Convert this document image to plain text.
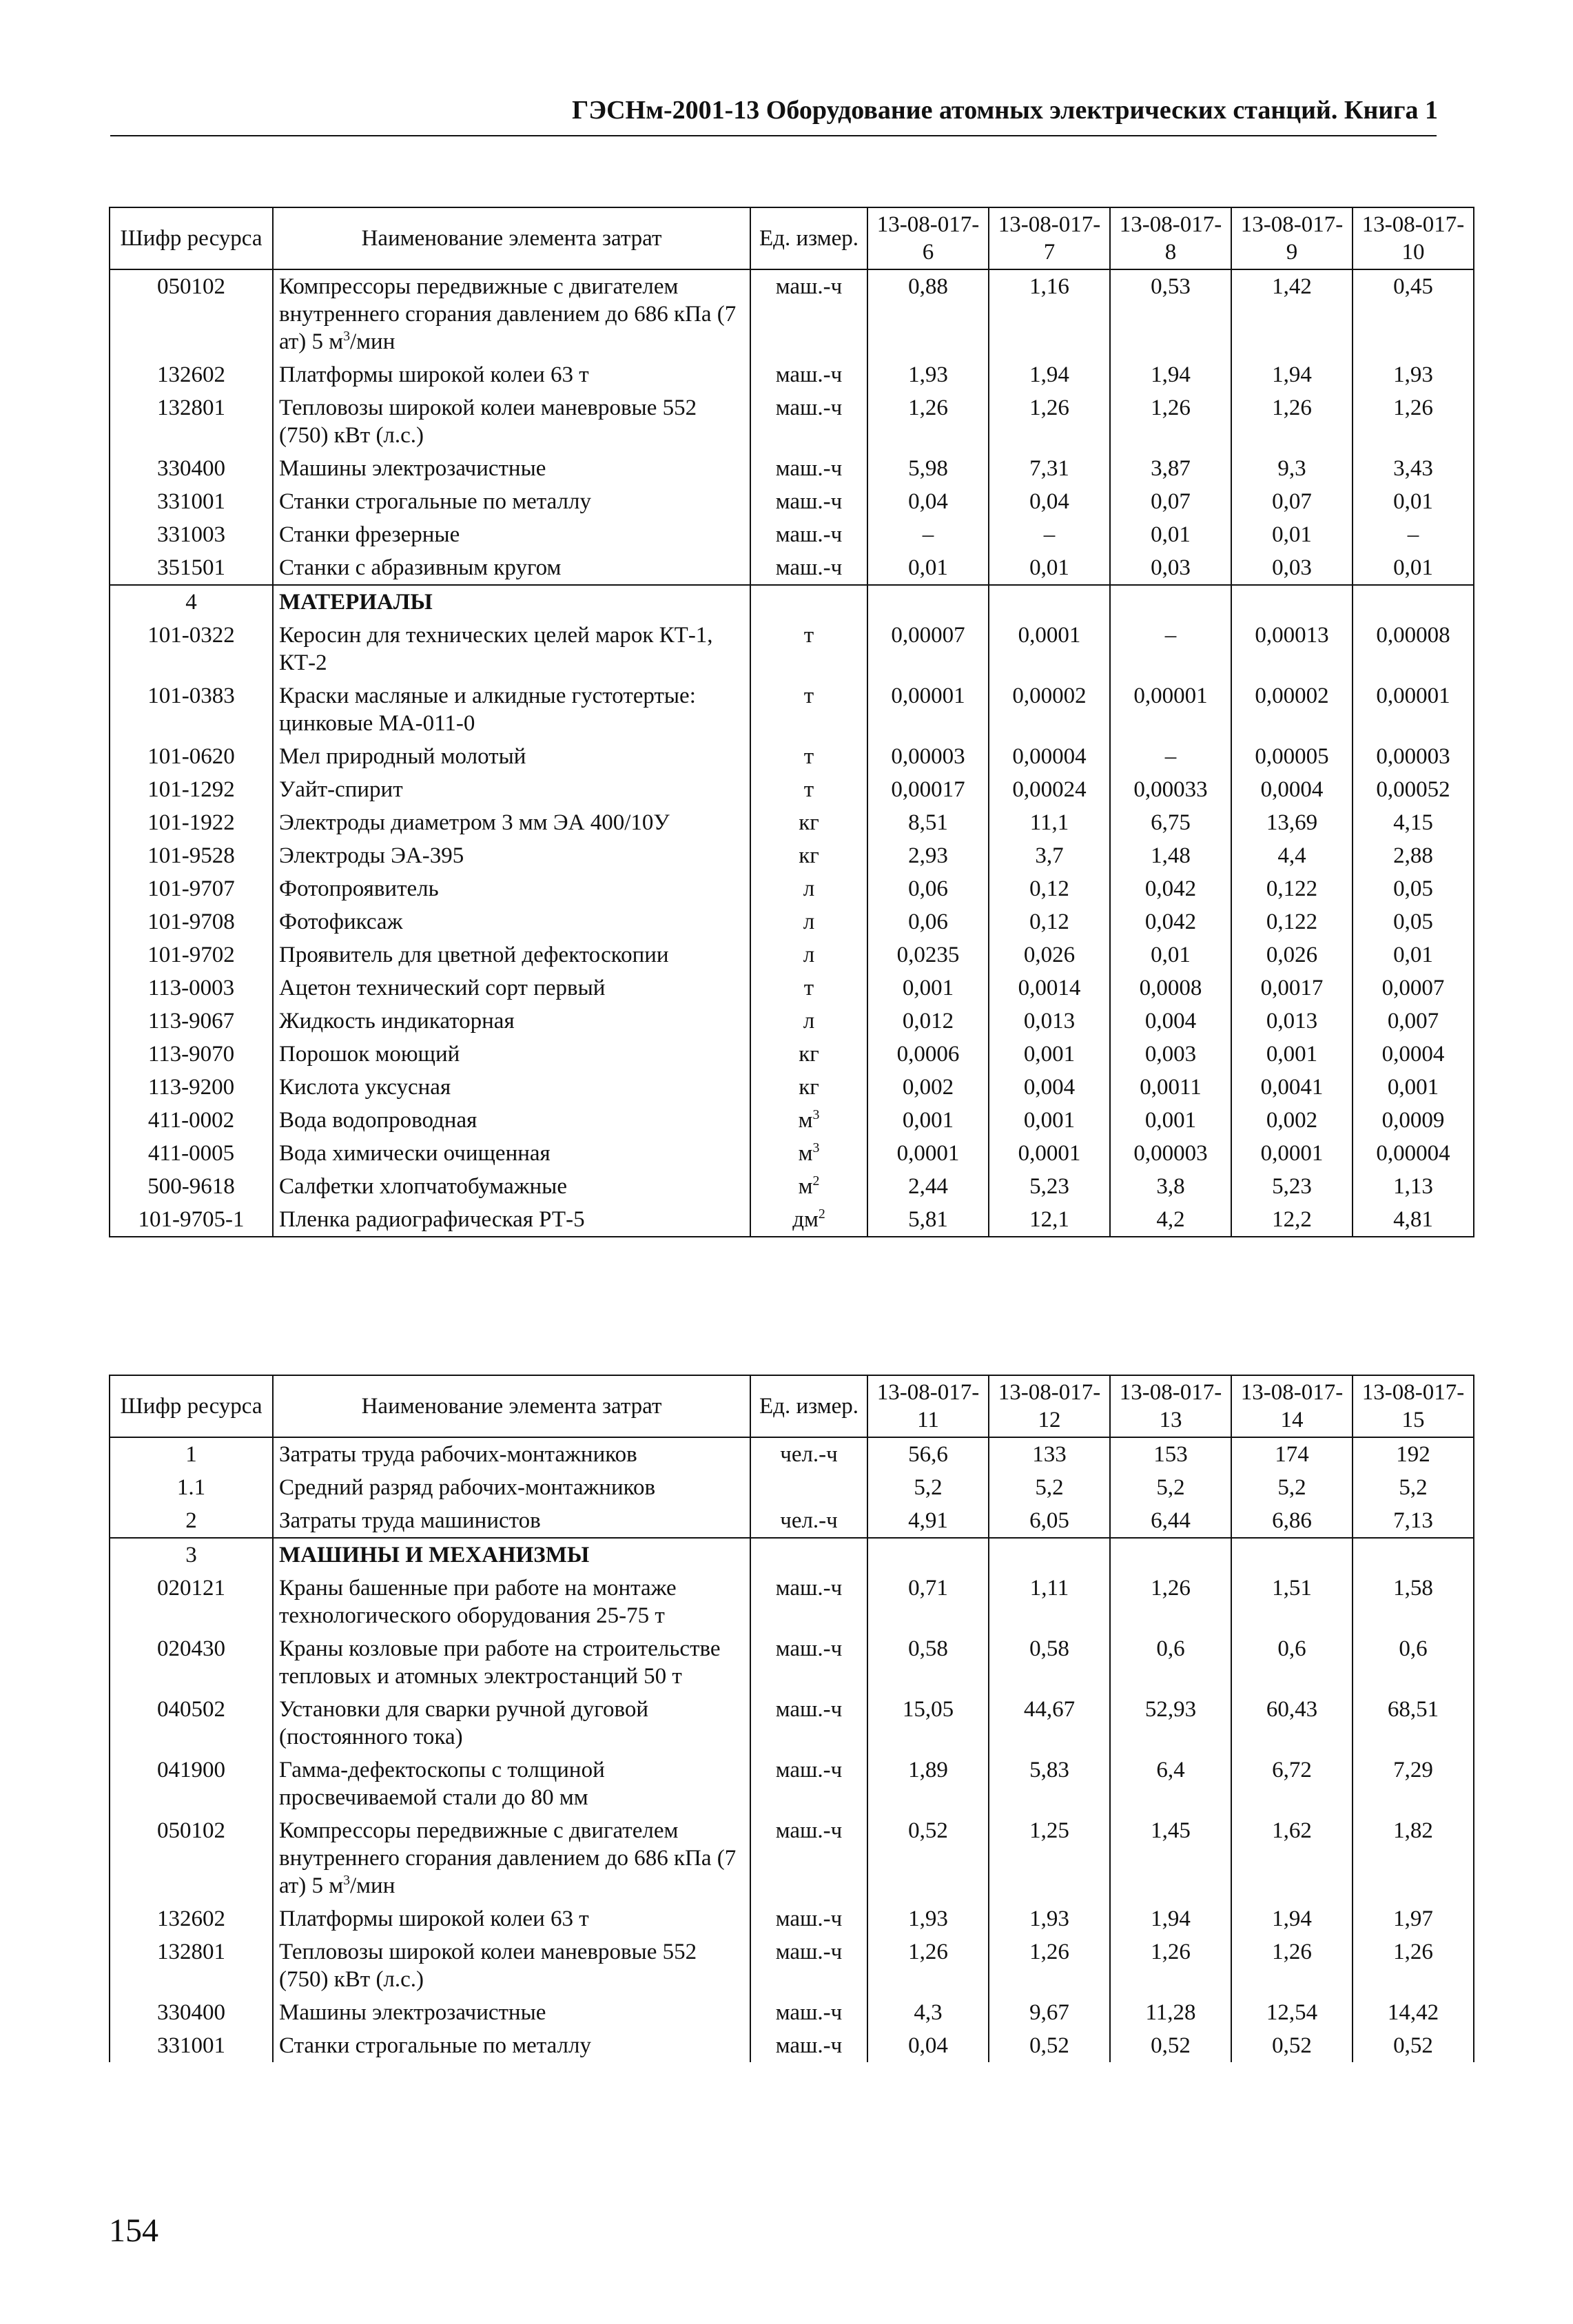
ГЭСНм-2001-13 Оборудование атомных электрических станций. Книга 1
Шифр ресурса	Наименование элемента затрат	Ед. измер.	13-08-017-6	13-08-017-7	13-08-017-8	13-08-017-9	13-08-017-10
050102	Компрессоры передвижные с двигателем внутреннего сгорания давлением до 686 кПа (7 ат) 5 $м^3$/мин	маш.-ч	0,88	1,16	0,53	1,42	0,45
132602	Платформы широкой колеи 63 т	маш.-ч	1,93	1,94	1,94	1,94	1,93
132801	Тепловозы широкой колеи маневровые 552 (750) кВт (л.с.)	маш.-ч	1,26	1,26	1,26	1,26	1,26
330400	Машины электрозачистные	маш.-ч	5,98	7,31	3,87	9,3	3,43
331001	Станки строгальные по металлу	маш.-ч	0,04	0,04	0,07	0,07	0,01
331003	Станки фрезерные	маш.-ч	–	–	0,01	0,01	–
351501	Станки с абразивным кругом	маш.-ч	0,01	0,01	0,03	0,03	0,01
4	МАТЕРИАЛЫ						
101-0322	Керосин для технических целей марок КТ-1, КТ-2	т	0,00007	0,0001	–	0,00013	0,00008
101-0383	Краски масляные и алкидные густотертые: цинковые МА-011-0	т	0,00001	0,00002	0,00001	0,00002	0,00001
101-0620	Мел природный молотый	т	0,00003	0,00004	–	0,00005	0,00003
101-1292	Уайт-спирит	т	0,00017	0,00024	0,00033	0,0004	0,00052
101-1922	Электроды диаметром 3 мм ЭА 400/10У	кг	8,51	11,1	6,75	13,69	4,15
101-9528	Электроды ЭА-395	кг	2,93	3,7	1,48	4,4	2,88
101-9707	Фотопроявитель	л	0,06	0,12	0,042	0,122	0,05
101-9708	Фотофиксаж	л	0,06	0,12	0,042	0,122	0,05
101-9702	Проявитель для цветной дефектоскопии	л	0,0235	0,026	0,01	0,026	0,01
113-0003	Ацетон технический сорт первый	т	0,001	0,0014	0,0008	0,0017	0,0007
113-9067	Жидкость индикаторная	л	0,012	0,013	0,004	0,013	0,007
113-9070	Порошок моющий	кг	0,0006	0,001	0,003	0,001	0,0004
113-9200	Кислота уксусная	кг	0,002	0,004	0,0011	0,0041	0,001
411-0002	Вода водопроводная	$м^3$	0,001	0,001	0,001	0,002	0,0009
411-0005	Вода химически очищенная	$м^3$	0,0001	0,0001	0,00003	0,0001	0,00004
500-9618	Салфетки хлопчатобумажные	$м^2$	2,44	5,23	3,8	5,23	1,13
101-9705-1	Пленка радиографическая РТ-5	$дм^2$	5,81	12,1	4,2	12,2	4,81
Шифр ресурса	Наименование элемента затрат	Ед. измер.	13-08-017-11	13-08-017-12	13-08-017-13	13-08-017-14	13-08-017-15
1	Затраты труда рабочих-монтажников	чел.-ч	56,6	133	153	174	192
1.1	Средний разряд рабочих-монтажников		5,2	5,2	5,2	5,2	5,2
2	Затраты труда машинистов	чел.-ч	4,91	6,05	6,44	6,86	7,13
3	МАШИНЫ И МЕХАНИЗМЫ						
020121	Краны башенные при работе на монтаже технологического оборудования 25-75 т	маш.-ч	0,71	1,11	1,26	1,51	1,58
020430	Краны козловые при работе на строительстве тепловых и атомных электростанций 50 т	маш.-ч	0,58	0,58	0,6	0,6	0,6
040502	Установки для сварки ручной дуговой (постоянного тока)	маш.-ч	15,05	44,67	52,93	60,43	68,51
041900	Гамма-дефектоскопы с толщиной просвечиваемой стали до 80 мм	маш.-ч	1,89	5,83	6,4	6,72	7,29
050102	Компрессоры передвижные с двигателем внутреннего сгорания давлением до 686 кПа (7 ат) 5 $м^3$/мин	маш.-ч	0,52	1,25	1,45	1,62	1,82
132602	Платформы широкой колеи 63 т	маш.-ч	1,93	1,93	1,94	1,94	1,97
132801	Тепловозы широкой колеи маневровые 552 (750) кВт (л.с.)	маш.-ч	1,26	1,26	1,26	1,26	1,26
330400	Машины электрозачистные	маш.-ч	4,3	9,67	11,28	12,54	14,42
331001	Станки строгальные по металлу	маш.-ч	0,04	0,52	0,52	0,52	0,52
154
